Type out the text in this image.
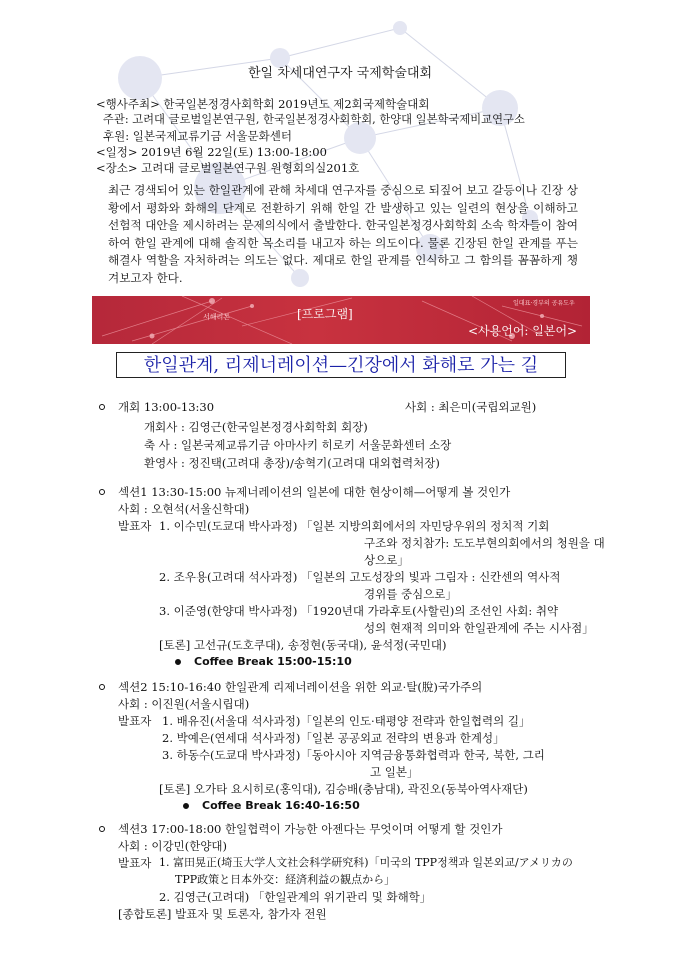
한일 차세대연구자 국제학술대회
<행사주최> 한국일본정경사회학회 2019년도 제2회국제학술대회
주관: 고려대 글로벌일본연구원, 한국일본정경사회학회, 한양대 일본학국제비교연구소
후원: 일본국제교류기금 서울문화센터
<일정> 2019년 6월 22일(토) 13:00-18:00
<장소> 고려대 글로벌일본연구원 원형회의실201호
최근 경색되어 있는 한일관계에 관해 차세대 연구자를 중심으로 되짚어 보고 갈등이나 긴장 상황에서 평화와 화해의 단계로 전환하기 위해 한일 간 발생하고 있는 일련의 현상을 이해하고 선험적 대안을 제시하려는 문제의식에서 출발한다. 한국일본정경사회학회 소속 학자들이 참여하여 한일 관계에 대해 솔직한 목소리를 내고자 하는 의도이다. 물론 긴장된 한일 관계를 푸는 해결사 역할을 자처하려는 의도는 없다. 제대로 한일 관계를 인식하고 그 함의를 꼼꼼하게 챙겨보고자 한다.
서해리본
일대표·경부의 공유도우
[프로그램]
<사용언어: 일본어>
한일관계, 리제너레이션—긴장에서 화해로 가는 길
개회 13:00-13:30	사회 : 최은미(국립외교원)
개회사 : 김영근(한국일본정경사회학회 회장)
축 사 : 일본국제교류기금 아마사키 히로키 서울문화센터 소장
환영사 : 정진택(고려대 총장)/송혁기(고려대 대외협력처장)
섹션1 13:30-15:00 뉴제너레이션의 일본에 대한 현상이해—어떻게 볼 것인가
사회 : 오현석(서울신학대)
발표자 1. 이수민(도쿄대 박사과정) 「일본 지방의회에서의 자민당우위의 정치적 기회
구조와 정치참가: 도도부현의회에서의 청원을 대
상으로」
2. 조우용(고려대 석사과정) 「일본의 고도성장의 빛과 그림자 : 신칸센의 역사적
경위를 중심으로」
3. 이준영(한양대 박사과정) 「1920년대 가라후토(사할린)의 조선인 사회: 취약
성의 현재적 의미와 한일관계에 주는 시사점」
[토론] 고선규(도호쿠대), 송정현(동국대), 윤석정(국민대)
Coffee Break 15:00-15:10
섹션2 15:10-16:40 한일관계 리제너레이션을 위한 외교·탈(脫)국가주의
사회 : 이진원(서울시립대)
발표자 1. 배유진(서울대 석사과정)「일본의 인도·태평양 전략과 한일협력의 길」
2. 박예은(연세대 석사과정)「일본 공공외교 전략의 변용과 한계성」
3. 하동수(도쿄대 박사과정)「동아시아 지역금융통화협력과 한국, 북한, 그리
고 일본」
[토론] 오가타 요시히로(홍익대), 김승배(충남대), 곽진오(동북아역사재단)
Coffee Break 16:40-16:50
섹션3 17:00-18:00 한일협력이 가능한 아젠다는 무엇이며 어떻게 할 것인가
사회 : 이강민(한양대)
발표자 1. 富田晃正(埼玉大学人文社会科学研究科)「미국의 TPP정책과 일본외교/アメリカの
TPP政策と日本外交：経済利益の観点から」
2. 김영근(고려대) 「한일관계의 위기관리 및 화해학」
[종합토론] 발표자 및 토론자, 참가자 전원
